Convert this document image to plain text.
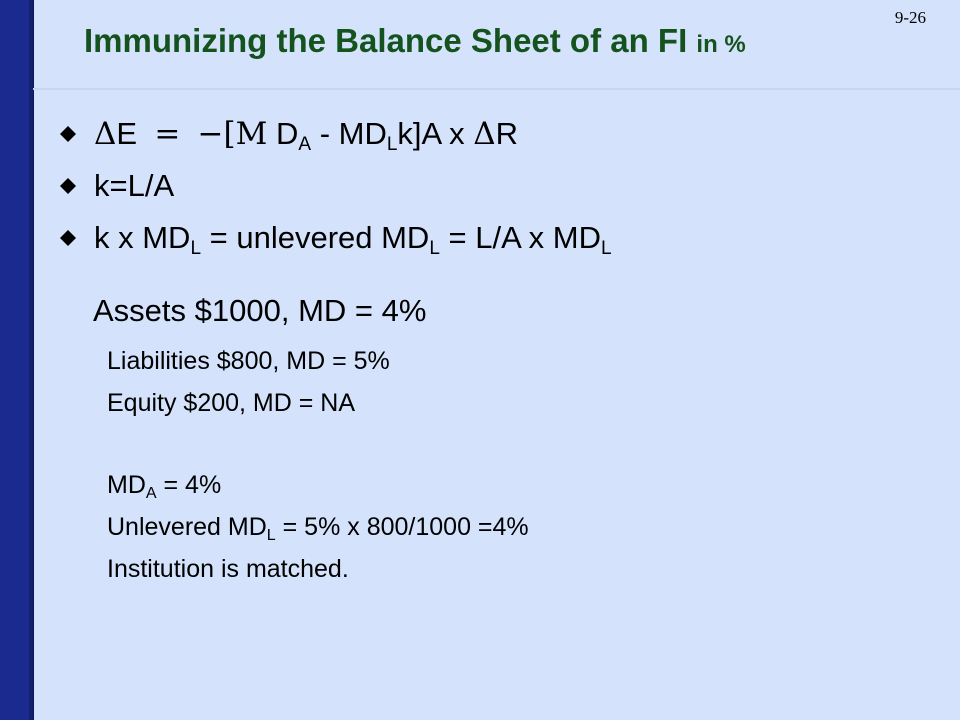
9-26
Immunizing the Balance Sheet of an FI in %
ΔE = −[M $D_A - MD_Lk]A$ x ΔR
k=L/A
k x $MD_L$ = unlevered $MD_L = L/A$ x $MD_L$
Assets $1000, MD = 4%
Liabilities $800, MD = 5%
Equity $200, MD = NA
$MD_A = 4\%$
Unlevered $MD_L = 5\%$ x 800/1000 =4%
Institution is matched.
